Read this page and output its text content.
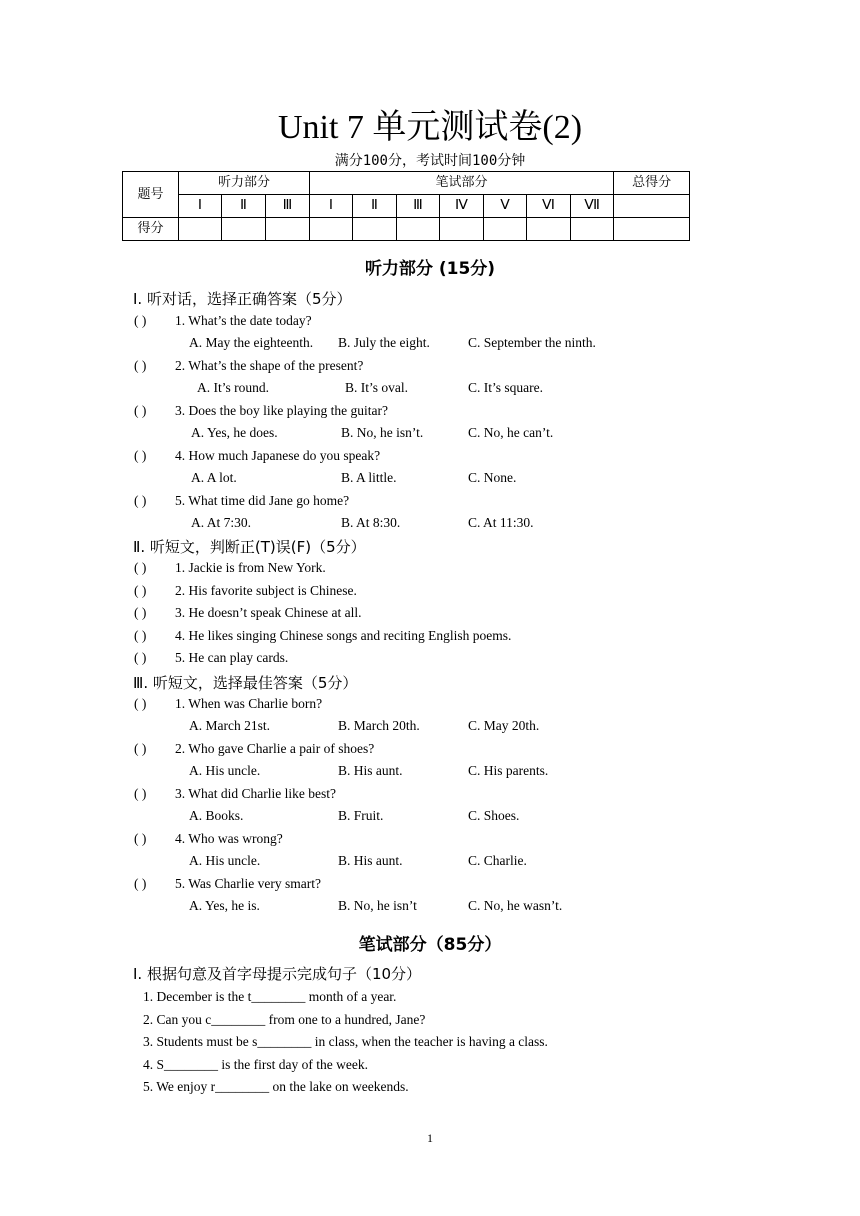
Unit 7 单元测试卷(2)
满分100分，考试时间100分钟
题号	听力部分			笔试部分							总得分
	Ⅰ	Ⅱ	Ⅲ	Ⅰ	Ⅱ	Ⅲ	Ⅳ	Ⅴ	Ⅵ	Ⅶ	
得分											
听力部分 (15分)
Ⅰ. 听对话，选择正确答案（5分）
Ⅱ. 听短文，判断正(T)误(F)（5分）
Ⅲ. 听短文，选择最佳答案（5分）
笔试部分（85分）
Ⅰ. 根据句意及首字母提示完成句子（10分）
( ) 1. What’s the date today?
A. May the eighteenth. B. July the eight.	C. September the ninth.
( ) 2. What’s the shape of the present?
A. It’s round.	B. It’s oval.	C. It’s square.
( ) 3. Does the boy like playing the guitar?
A. Yes, he does.	B. No, he isn’t.	C. No, he can’t.
( ) 4. How much Japanese do you speak?
A. A lot.	B. A little.	C. None.
( ) 5. What time did Jane go home?
A. At 7:30.	B. At 8:30.	C. At 11:30.
( ) 1. Jackie is from New York.
( ) 2. His favorite subject is Chinese.
( ) 3. He doesn’t speak Chinese at all.
( ) 4. He likes singing Chinese songs and reciting English poems.
( ) 5. He can play cards.
( ) 1. When was Charlie born?
A. March 21st.	B. March 20th.	C. May 20th.
( ) 2. Who gave Charlie a pair of shoes?
A. His uncle.	B. His aunt.	C. His parents.
( ) 3. What did Charlie like best?
A. Books.	B. Fruit.	C. Shoes.
( ) 4. Who was wrong?
A. His uncle.	B. His aunt.	C. Charlie.
( ) 5. Was Charlie very smart?
A. Yes, he is.	B. No, he isn’t	C. No, he wasn’t.
1. December is the t________ month of a year.
2. Can you c________ from one to a hundred, Jane?
3. Students must be s________ in class, when the teacher is having a class.
4. S________ is the first day of the week.
5. We enjoy r________ on the lake on weekends.
1
